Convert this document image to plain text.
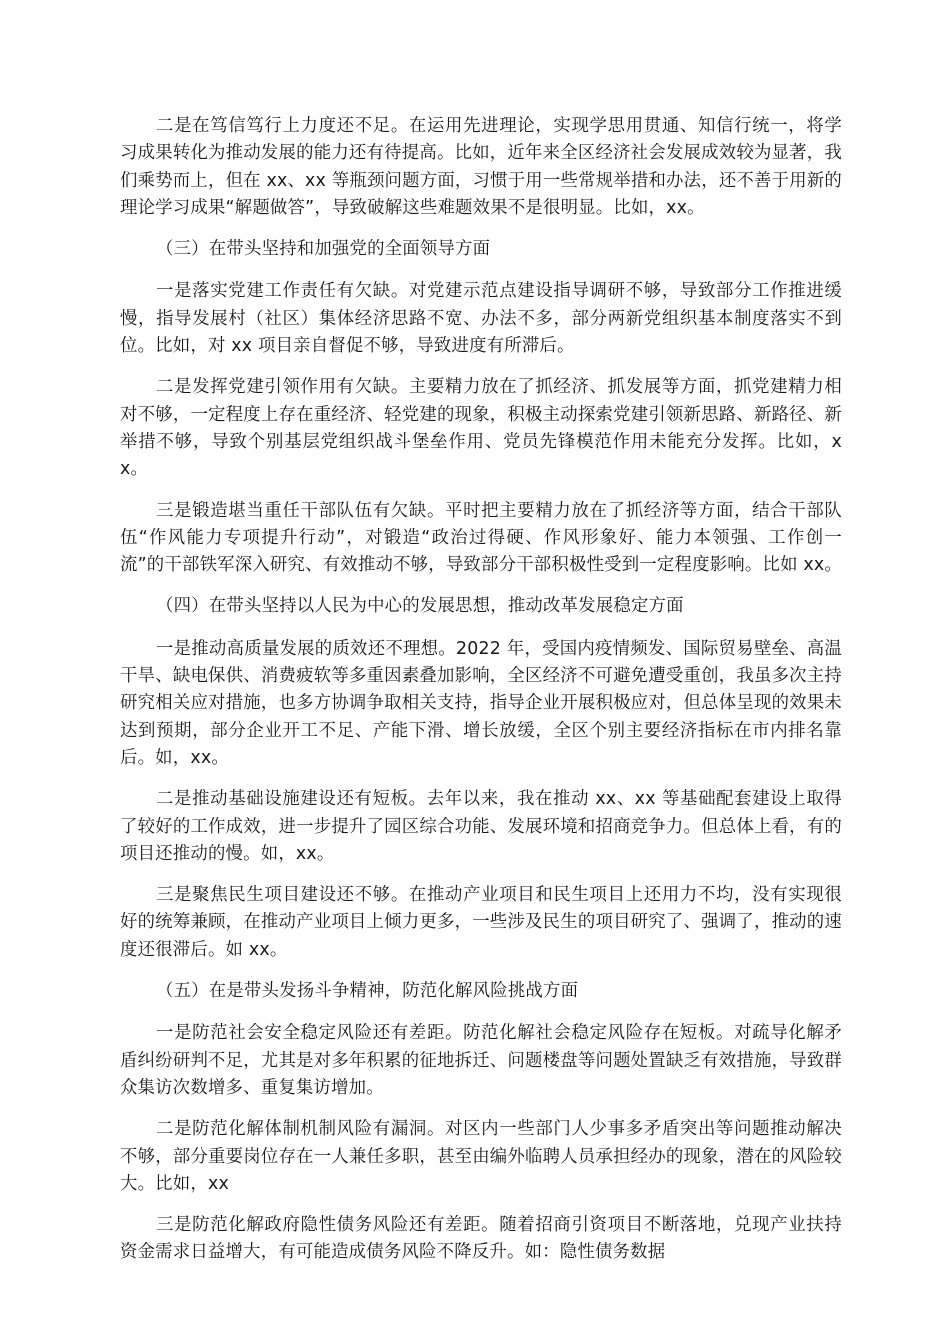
二是在笃信笃行上力度还不足。在运用先进理论，实现学思用贯通、知信行统一，将学习成果转化为推动发展的能力还有待提高。比如，近年来全区经济社会发展成效较为显著，我们乘势而上，但在 xx、xx 等瓶颈问题方面，习惯于用一些常规举措和办法，还不善于用新的理论学习成果“解题做答”，导致破解这些难题效果不是很明显。比如，xx。

（三）在带头坚持和加强党的全面领导方面

一是落实党建工作责任有欠缺。对党建示范点建设指导调研不够，导致部分工作推进缓慢，指导发展村（社区）集体经济思路不宽、办法不多，部分两新党组织基本制度落实不到位。比如，对 xx 项目亲自督促不够，导致进度有所滞后。

二是发挥党建引领作用有欠缺。主要精力放在了抓经济、抓发展等方面，抓党建精力相对不够，一定程度上存在重经济、轻党建的现象，积极主动探索党建引领新思路、新路径、新举措不够，导致个别基层党组织战斗堡垒作用、党员先锋模范作用未能充分发挥。比如，xx。

三是锻造堪当重任干部队伍有欠缺。平时把主要精力放在了抓经济等方面，结合干部队伍“作风能力专项提升行动”，对锻造“政治过得硬、作风形象好、能力本领强、工作创一流”的干部铁军深入研究、有效推动不够，导致部分干部积极性受到一定程度影响。比如 xx。

（四）在带头坚持以人民为中心的发展思想，推动改革发展稳定方面

一是推动高质量发展的质效还不理想。2022 年，受国内疫情频发、国际贸易壁垒、高温干旱、缺电保供、消费疲软等多重因素叠加影响，全区经济不可避免遭受重创，我虽多次主持研究相关应对措施，也多方协调争取相关支持，指导企业开展积极应对，但总体呈现的效果未达到预期，部分企业开工不足、产能下滑、增长放缓，全区个别主要经济指标在市内排名靠后。如，xx。

二是推动基础设施建设还有短板。去年以来，我在推动 xx、xx 等基础配套建设上取得了较好的工作成效，进一步提升了园区综合功能、发展环境和招商竞争力。但总体上看，有的项目还推动的慢。如，xx。

三是聚焦民生项目建设还不够。在推动产业项目和民生项目上还用力不均，没有实现很好的统筹兼顾，在推动产业项目上倾力更多，一些涉及民生的项目研究了、强调了，推动的速度还很滞后。如 xx。

（五）在是带头发扬斗争精神，防范化解风险挑战方面

一是防范社会安全稳定风险还有差距。防范化解社会稳定风险存在短板。对疏导化解矛盾纠纷研判不足，尤其是对多年积累的征地拆迁、问题楼盘等问题处置缺乏有效措施，导致群众集访次数增多、重复集访增加。

二是防范化解体制机制风险有漏洞。对区内一些部门人少事多矛盾突出等问题推动解决不够，部分重要岗位存在一人兼任多职，甚至由编外临聘人员承担经办的现象，潜在的风险较大。比如，xx

三是防范化解政府隐性债务风险还有差距。随着招商引资项目不断落地，兑现产业扶持资金需求日益增大，有可能造成债务风险不降反升。如：隐性债务数据
